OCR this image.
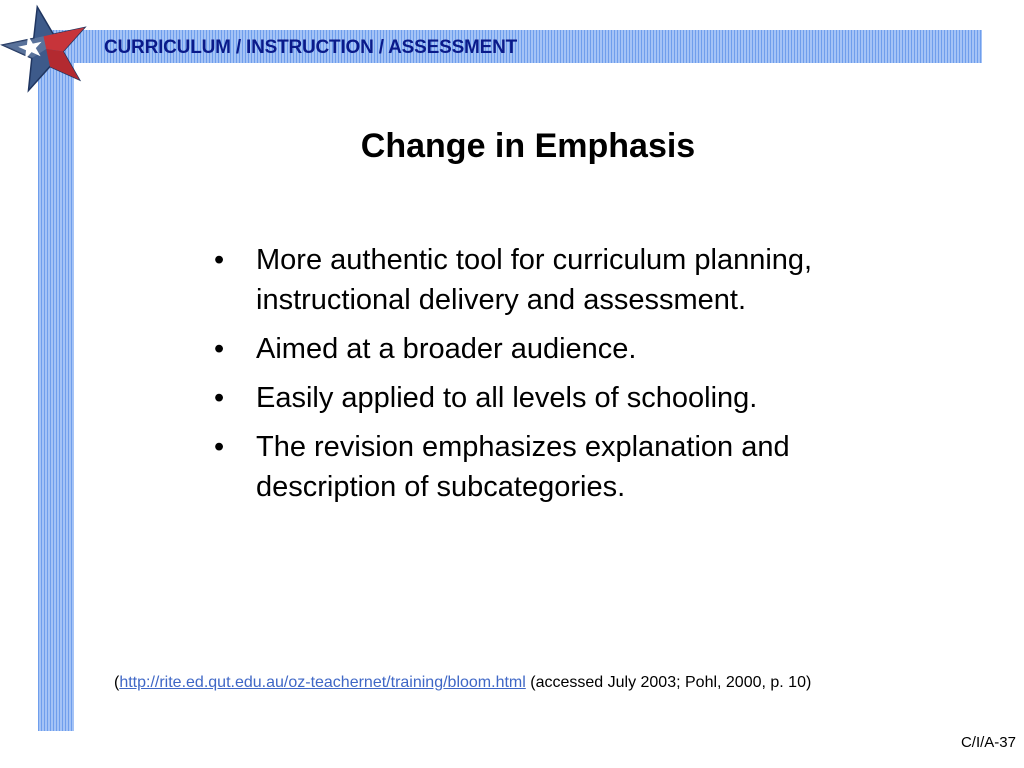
CURRICULUM / INSTRUCTION / ASSESSMENT
Change in Emphasis
•	More authentic tool for curriculum planning, instructional delivery and assessment.
•	Aimed at a broader audience.
•	Easily applied to all levels of schooling.
•	The revision emphasizes explanation and description of subcategories.
(http://rite.ed.qut.edu.au/oz-teachernet/training/bloom.html (accessed July 2003; Pohl, 2000, p. 10)
C/I/A-37
